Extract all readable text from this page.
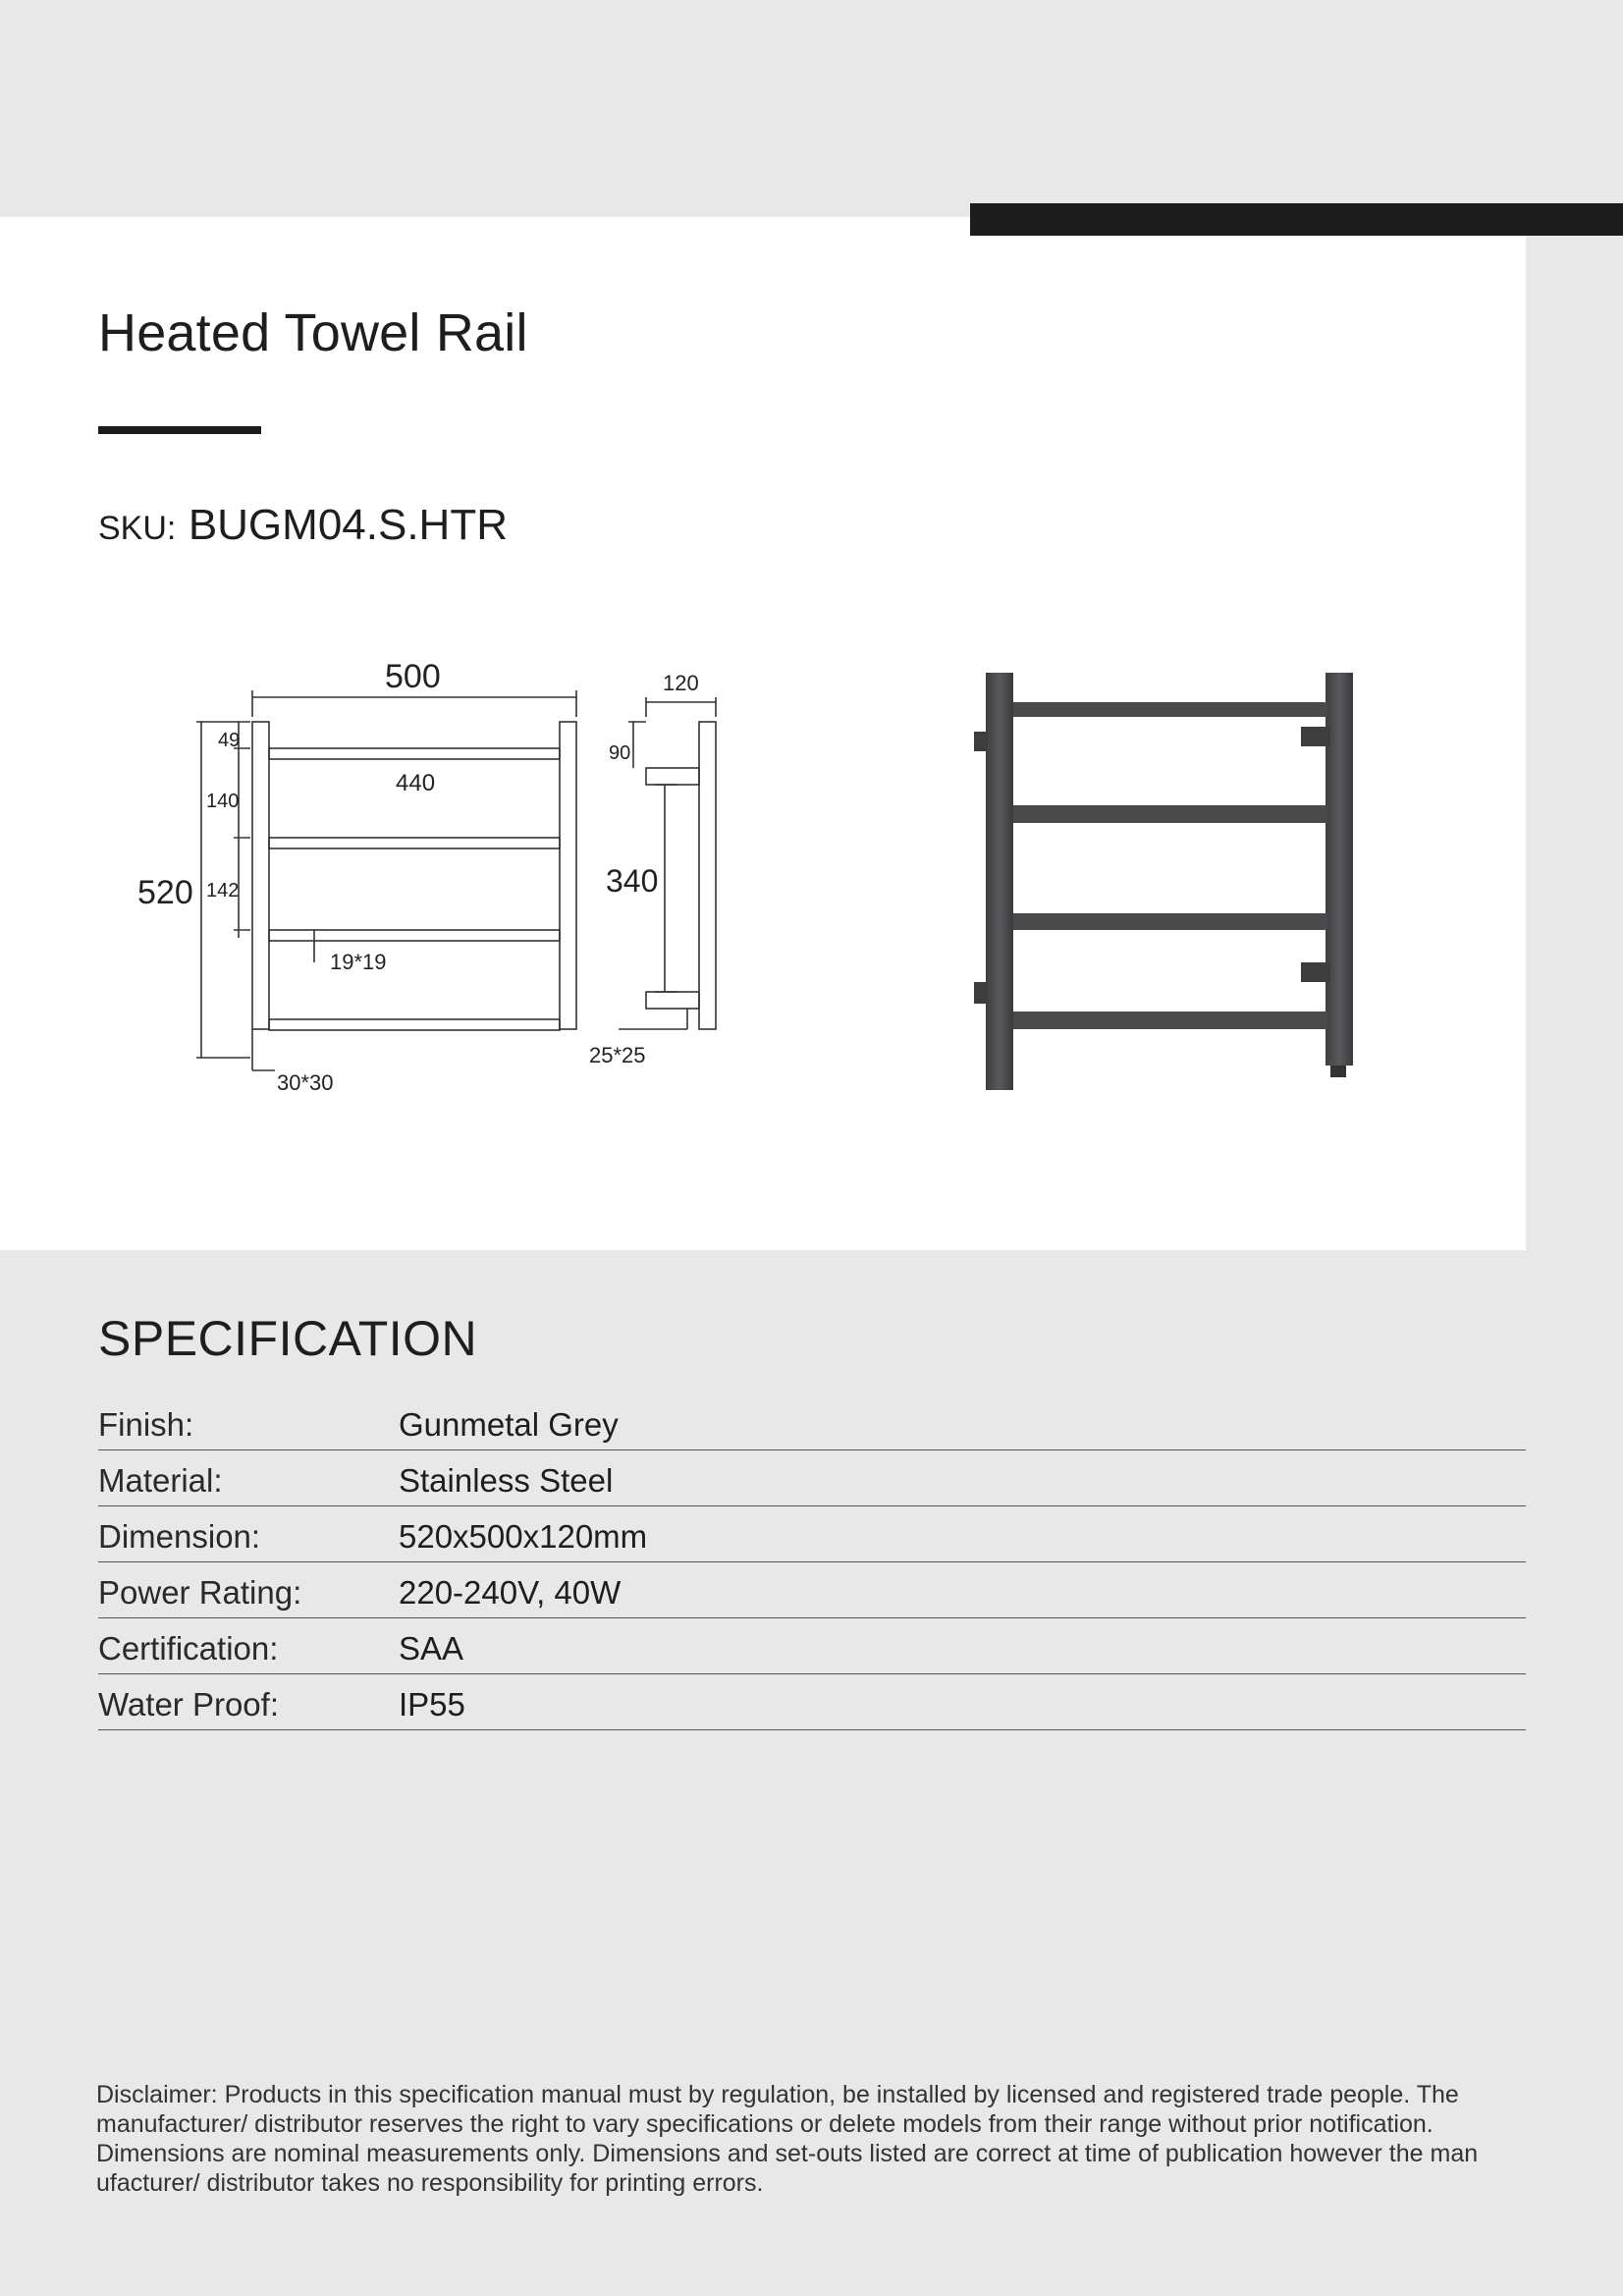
Heated Towel Rail
SKU: BUGM04.S.HTR
500
440
520
49
140
142
19*19
30*30
120
90
340
25*25
SPECIFICATION
Finish:	Gunmetal Grey
Material:	Stainless Steel
Dimension:	520x500x120mm
Power Rating:	220-240V, 40W
Certification:	SAA
Water Proof:	IP55
Disclaimer: Products in this specification manual must by regulation, be installed by licensed and registered trade people. The
manufacturer/ distributor reserves the right to vary specifications or delete models from their range without prior notification.
Dimensions are nominal measurements only. Dimensions and set-outs listed are correct at time of publication however the man
ufacturer/ distributor takes no responsibility for printing errors.
